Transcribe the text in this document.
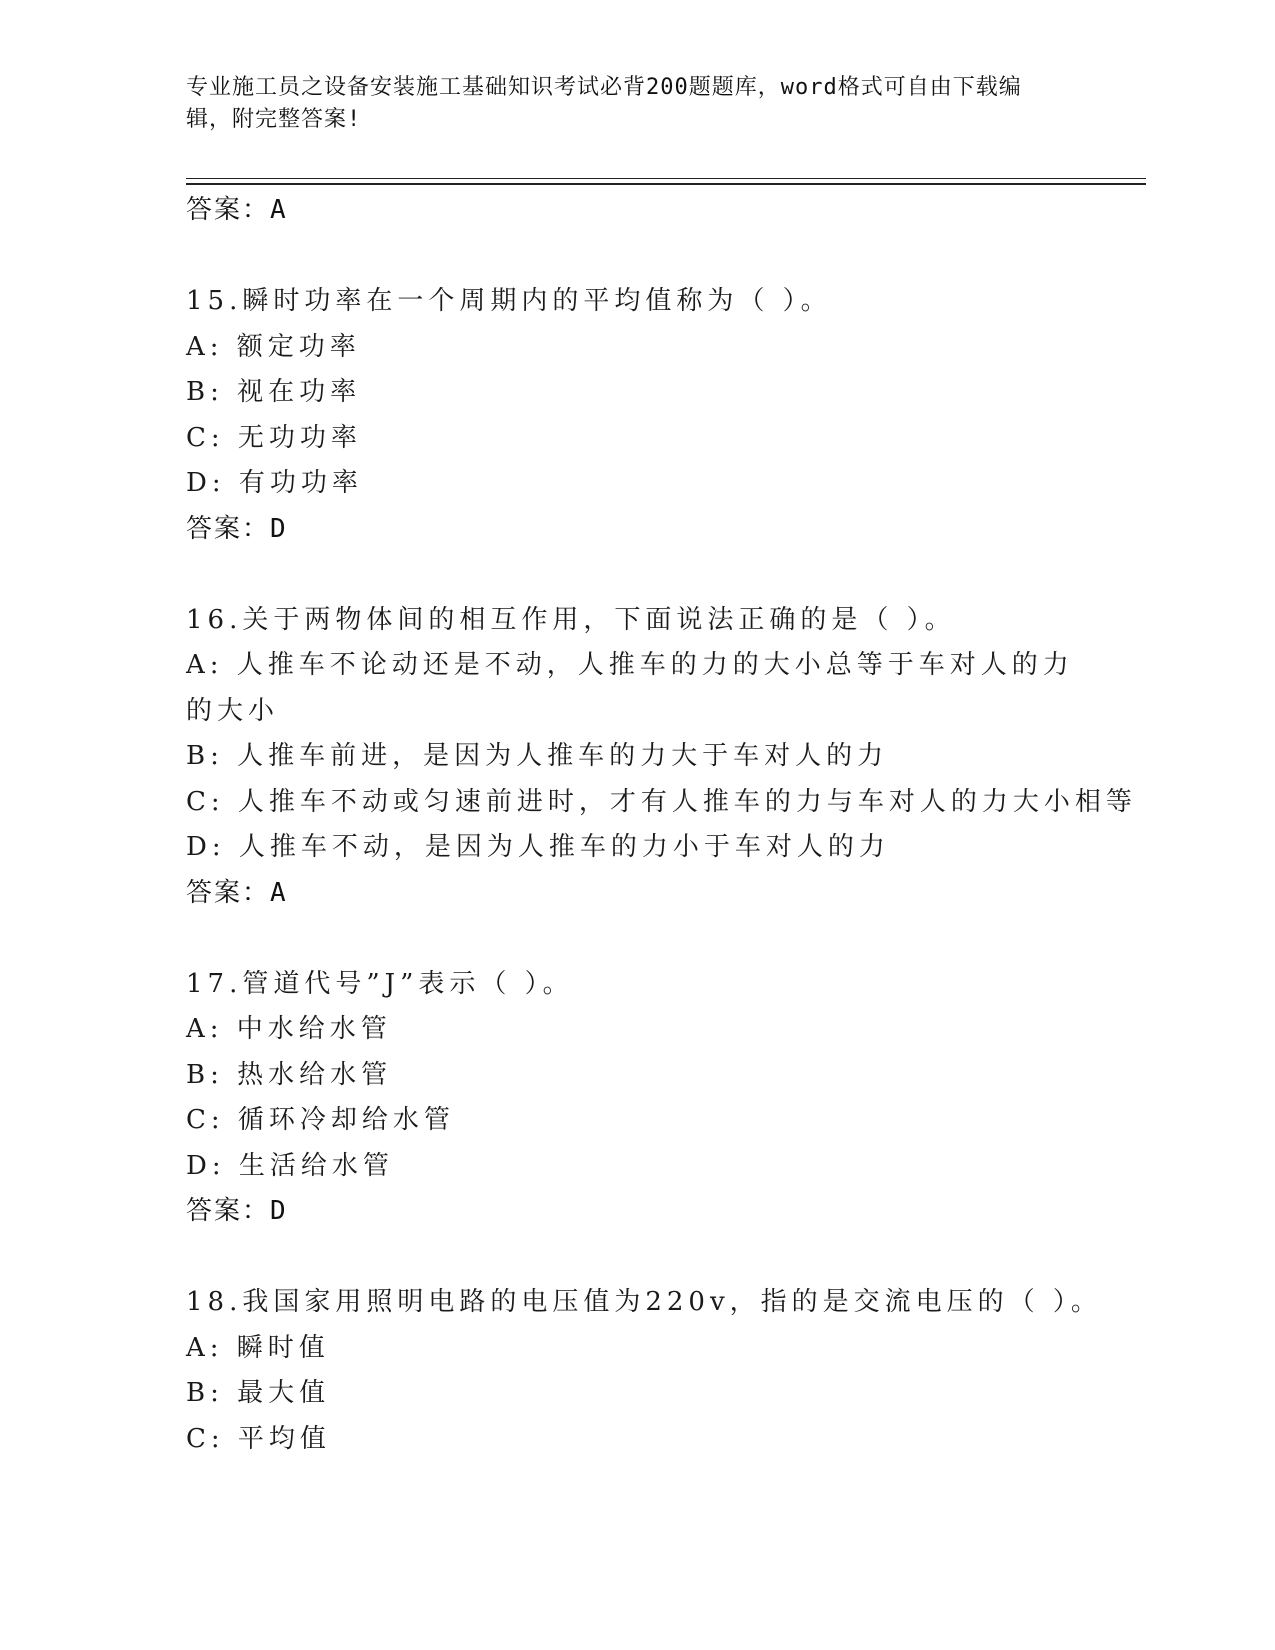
专业施工员之设备安装施工基础知识考试必背200题题库，word格式可自由下载编辑，附完整答案!
答案：A
15.瞬时功率在一个周期内的平均值称为（ ）。
A: 额定功率
B: 视在功率
C: 无功功率
D: 有功功率
答案：D
16.关于两物体间的相互作用，下面说法正确的是（ ）。
A: 人推车不论动还是不动，人推车的力的大小总等于车对人的力的大小
B: 人推车前进，是因为人推车的力大于车对人的力
C: 人推车不动或匀速前进时，才有人推车的力与车对人的力大小相等
D: 人推车不动，是因为人推车的力小于车对人的力
答案：A
17.管道代号”J”表示（ ）。
A: 中水给水管
B: 热水给水管
C: 循环冷却给水管
D: 生活给水管
答案：D
18.我国家用照明电路的电压值为220v，指的是交流电压的（ ）。
A: 瞬时值
B: 最大值
C: 平均值
